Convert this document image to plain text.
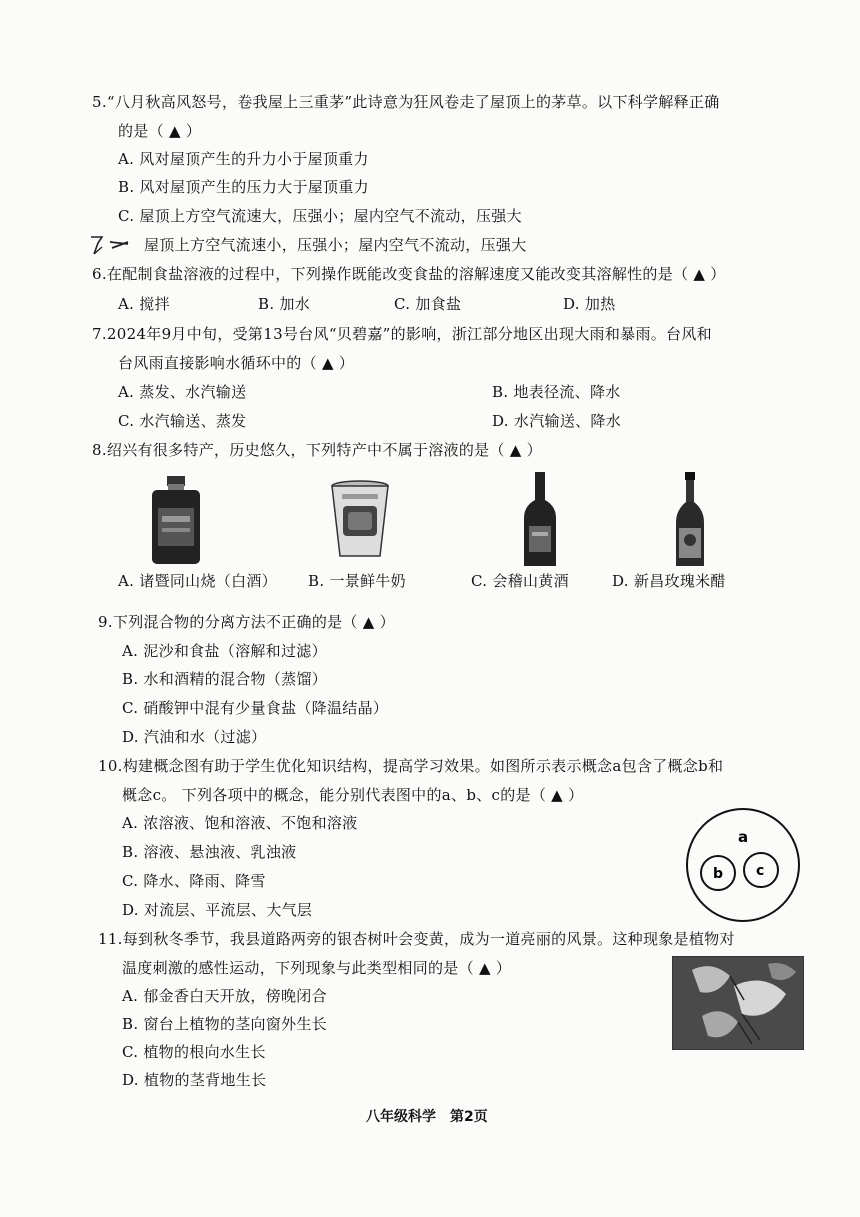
5.“八月秋高风怒号，卷我屋上三重茅”此诗意为狂风卷走了屋顶上的茅草。以下科学解释正确
的是（ ▲ ）
A. 风对屋顶产生的升力小于屋顶重力
B. 风对屋顶产生的压力大于屋顶重力
C. 屋顶上方空气流速大，压强小；屋内空气不流动，压强大
屋顶上方空气流速小，压强小；屋内空气不流动，压强大
6.在配制食盐溶液的过程中，下列操作既能改变食盐的溶解速度又能改变其溶解性的是（ ▲ ）
A. 搅拌	B. 加水	C. 加食盐	D. 加热
7.2024年9月中旬，受第13号台风“贝碧嘉”的影响，浙江部分地区出现大雨和暴雨。台风和
台风雨直接影响水循环中的（ ▲ ）
A. 蒸发、水汽输送	B. 地表径流、降水
C. 水汽输送、蒸发	D. 水汽输送、降水
8.绍兴有很多特产，历史悠久，下列特产中不属于溶液的是（ ▲ ）
A. 诸暨同山烧（白酒） B. 一景鲜牛奶	C. 会稽山黄酒	D. 新昌玫瑰米醋
9.下列混合物的分离方法不正确的是（ ▲ ）
A. 泥沙和食盐（溶解和过滤）
B. 水和酒精的混合物（蒸馏）
C. 硝酸钾中混有少量食盐（降温结晶）
D. 汽油和水（过滤）
10.构建概念图有助于学生优化知识结构，提高学习效果。如图所示表示概念a包含了概念b和
概念c。 下列各项中的概念，能分别代表图中的a、b、c的是（ ▲ ）
A. 浓溶液、饱和溶液、不饱和溶液
B. 溶液、悬浊液、乳浊液
C. 降水、降雨、降雪
D. 对流层、平流层、大气层
a
b c
11.每到秋冬季节，我县道路两旁的银杏树叶会变黄，成为一道亮丽的风景。这种现象是植物对
温度刺激的感性运动，下列现象与此类型相同的是（ ▲ ）
A. 郁金香白天开放，傍晚闭合
B. 窗台上植物的茎向窗外生长
C. 植物的根向水生长
D. 植物的茎背地生长
八年级科学　第2页
